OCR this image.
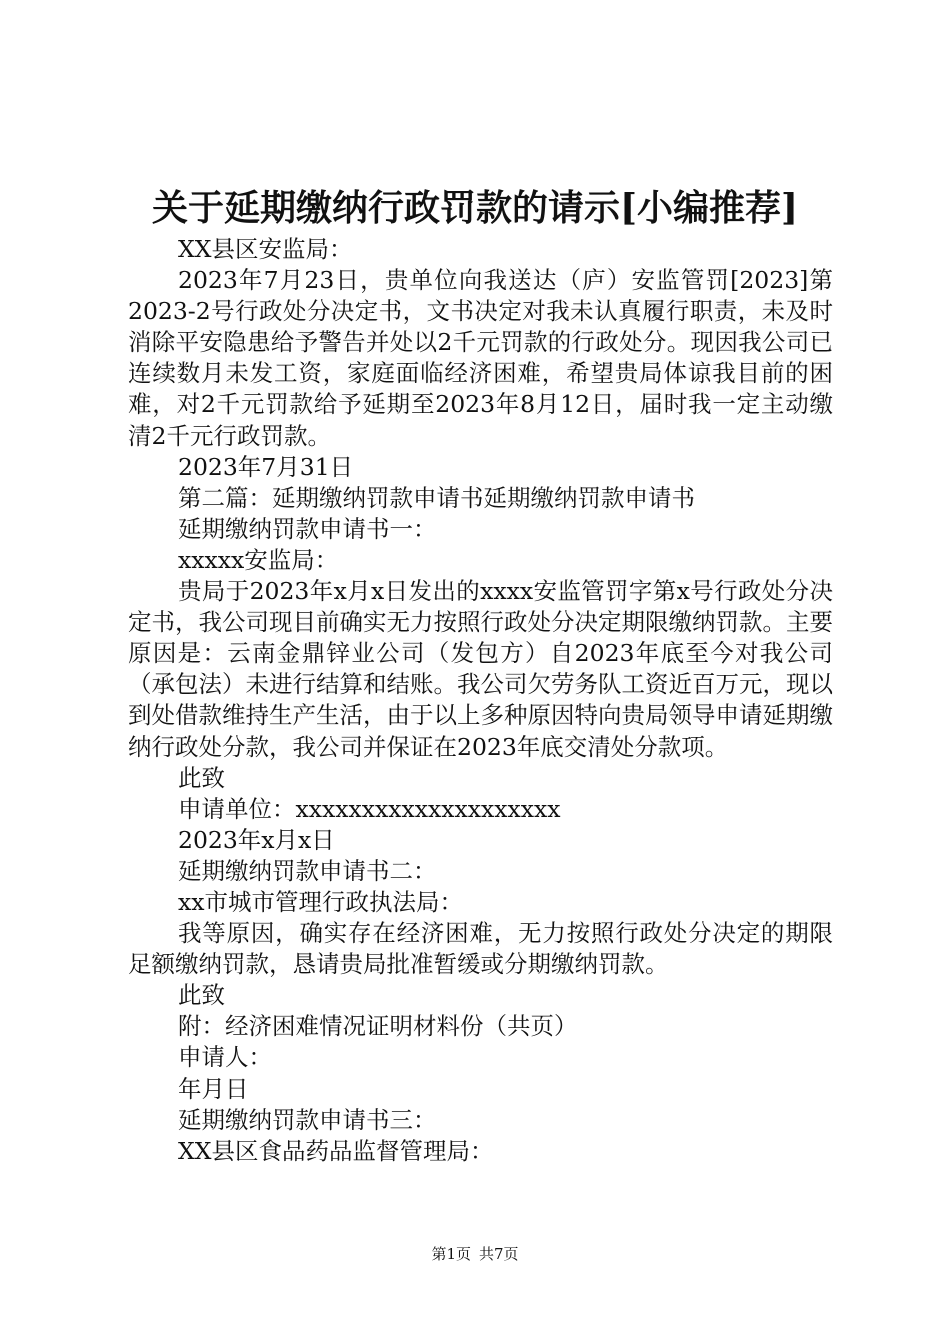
关于延期缴纳行政罚款的请示[小编推荐]

XX县区安监局：

2023年7月23日，贵单位向我送达（庐）安监管罚[2023]第2023-2号行政处分决定书，文书决定对我未认真履行职责，未及时消除平安隐患给予警告并处以2千元罚款的行政处分。现因我公司已连续数月未发工资，家庭面临经济困难，希望贵局体谅我目前的困难，对2千元罚款给予延期至2023年8月12日，届时我一定主动缴清2千元行政罚款。

2023年7月31日

第二篇：延期缴纳罚款申请书延期缴纳罚款申请书

延期缴纳罚款申请书一：

xxxxx安监局：

贵局于2023年x月x日发出的xxxx安监管罚字第x号行政处分决定书，我公司现目前确实无力按照行政处分决定期限缴纳罚款。主要原因是：云南金鼎锌业公司（发包方）自2023年底至今对我公司（承包法）未进行结算和结账。我公司欠劳务队工资近百万元，现以到处借款维持生产生活，由于以上多种原因特向贵局领导申请延期缴纳行政处分款，我公司并保证在2023年底交清处分款项。

此致

申请单位：xxxxxxxxxxxxxxxxxxxx

2023年x月x日

延期缴纳罚款申请书二：

xx市城市管理行政执法局：

我等原因，确实存在经济困难，无力按照行政处分决定的期限足额缴纳罚款，恳请贵局批准暂缓或分期缴纳罚款。

此致

附：经济困难情况证明材料份（共页）

申请人：

年月日

延期缴纳罚款申请书三：

XX县区食品药品监督管理局：

第1页 共7页
